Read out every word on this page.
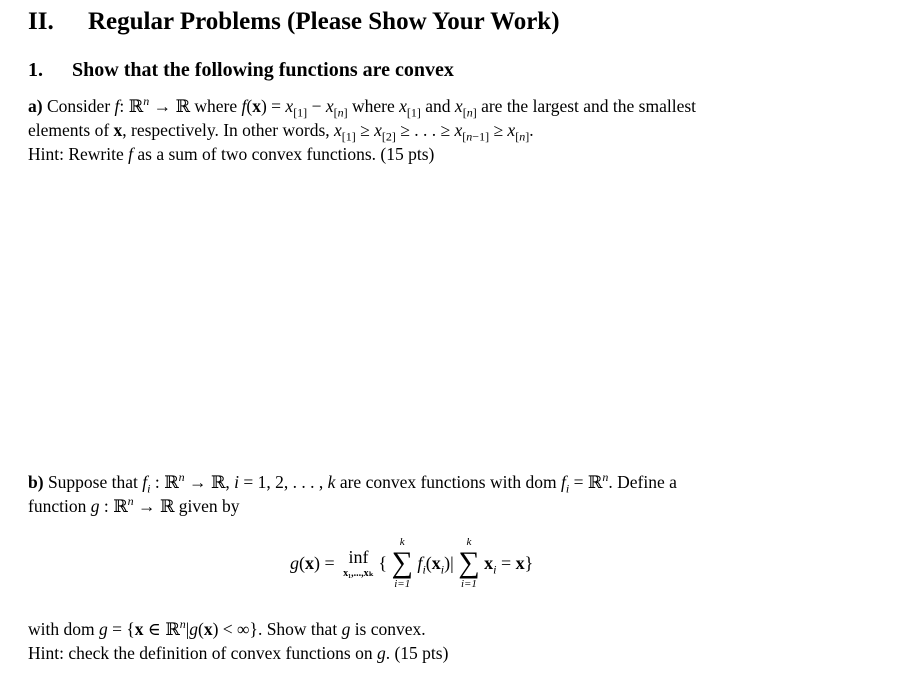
II. Regular Problems (Please Show Your Work)
1. Show that the following functions are convex
a) Consider f: ℝ$^n$ → ℝ where $f(x) = x_{[1]} - x_{[n]}$ where $x_{[1]}$ and $x_{[n]}$ are the largest and the smallest
elements of x, respectively. In other words, $x_{[1]} \ge x_{[2]}$ ≥ . . . ≥ $x_{[n-1]} \ge x_{[n]}$.
Hint: Rewrite f as a sum of two convex functions. (15 pts)
b) Suppose that $f_i$ : ℝ$^n$ → ℝ, i = 1, 2, . . . , k are convex functions with dom $f_i$ = ℝ$^n$. Define a
function g : ℝ$^n$ → ℝ given by
g(x) = inf
x₁,...,xₖ
{
k
∑
i=1
$f_i(x_i)|$
k
∑
i=1
$x_i = x$}
with dom g = {x ∈ ℝ$^n$|g(x) < ∞}. Show that g is convex.
Hint: check the definition of convex functions on g. (15 pts)
